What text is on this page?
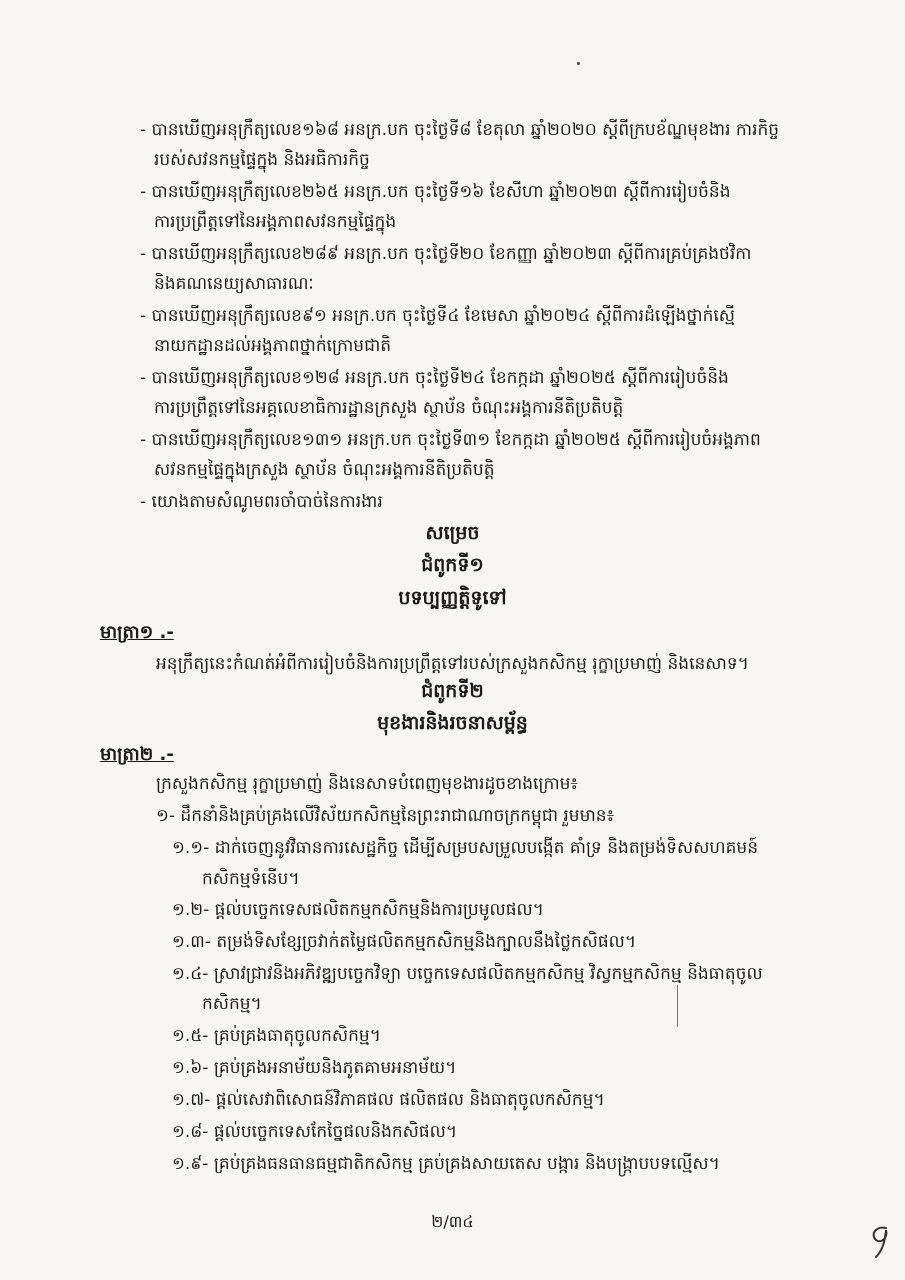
- បានឃើញអនុក្រឹត្យលេខ១៦៨ អនក្រ.បក ចុះថ្ងៃទី៨ ខែតុលា ឆ្នាំ២០២០ ស្តីពីក្របខ័ណ្ឌមុខងារ ការកិច្ច
របស់សវនកម្មផ្ទៃក្នុង និងអធិការកិច្ច
- បានឃើញអនុក្រឹត្យលេខ២៦៥ អនក្រ.បក ចុះថ្ងៃទី១៦ ខែសីហា ឆ្នាំ២០២៣ ស្តីពីការរៀបចំនិង
ការប្រព្រឹត្តទៅនៃអង្គភាពសវនកម្មផ្ទៃក្នុង
- បានឃើញអនុក្រឹត្យលេខ២៨៩ អនក្រ.បក ចុះថ្ងៃទី២០ ខែកញ្ញា ឆ្នាំ២០២៣ ស្តីពីការគ្រប់គ្រងថវិកា
និងគណនេយ្យសាធារណៈ
- បានឃើញអនុក្រឹត្យលេខ៩១ អនក្រ.បក ចុះថ្ងៃទី៤ ខែមេសា ឆ្នាំ២០២៤ ស្តីពីការដំឡើងថ្នាក់ស្មើ
នាយកដ្ឋានដល់អង្គភាពថ្នាក់ក្រោមជាតិ
- បានឃើញអនុក្រឹត្យលេខ១២៨ អនក្រ.បក ចុះថ្ងៃទី២៤ ខែកក្កដា ឆ្នាំ២០២៥ ស្តីពីការរៀបចំនិង
ការប្រព្រឹត្តទៅនៃអគ្គលេខាធិការដ្ឋានក្រសួង ស្ថាប័ន ចំណុះអង្គការនីតិប្រតិបត្តិ
- បានឃើញអនុក្រឹត្យលេខ១៣១ អនក្រ.បក ចុះថ្ងៃទី៣១ ខែកក្កដា ឆ្នាំ២០២៥ ស្តីពីការរៀបចំអង្គភាព
សវនកម្មផ្ទៃក្នុងក្រសួង ស្ថាប័ន ចំណុះអង្គការនីតិប្រតិបត្តិ
- យោងតាមសំណូមពរចាំបាច់នៃការងារ
សម្រេច
ជំពូកទី១
បទប្បញ្ញត្តិទូទៅ
មាត្រា១ .-
អនុក្រឹត្យនេះកំណត់អំពីការរៀបចំនិងការប្រព្រឹត្តទៅរបស់ក្រសួងកសិកម្ម រុក្ខាប្រមាញ់ និងនេសាទ។
ជំពូកទី២
មុខងារនិងរចនាសម្ព័ន្ធ
មាត្រា២ .-
ក្រសួងកសិកម្ម រុក្ខាប្រមាញ់ និងនេសាទបំពេញមុខងារដូចខាងក្រោម៖
១- ដឹកនាំនិងគ្រប់គ្រងលើវិស័យកសិកម្មនៃព្រះរាជាណាចក្រកម្ពុជា រួមមាន៖
១.១- ដាក់ចេញនូវវិធានការសេដ្ឋកិច្ច ដើម្បីសម្របសម្រួលបង្កើត គាំទ្រ និងតម្រង់ទិសសហគមន៍
កសិកម្មទំនើប។
១.២- ផ្តល់បច្ចេកទេសផលិតកម្មកសិកម្មនិងការប្រមូលផល។
១.៣- តម្រង់ទិសខ្សែច្រវាក់តម្លៃផលិតកម្មកសិកម្មនិងក្បាលនឹងថ្លៃកសិផល។
១.៤- ស្រាវជ្រាវនិងអភិវឌ្ឍបច្ចេកវិទ្យា បច្ចេកទេសផលិតកម្មកសិកម្ម វិស្វកម្មកសិកម្ម និងធាតុចូល
កសិកម្ម។
១.៥- គ្រប់គ្រងធាតុចូលកសិកម្ម។
១.៦- គ្រប់គ្រងអនាម័យនិងភូតគាមអនាម័យ។
១.៧- ផ្តល់សេវាពិសោធន៍វិភាគផល ផលិតផល និងធាតុចូលកសិកម្ម។
១.៨- ផ្តល់បច្ចេកទេសកែច្នៃផលនិងកសិផល។
១.៩- គ្រប់គ្រងធនធានធម្មជាតិកសិកម្ម គ្រប់គ្រងសាយតេស បង្ការ និងបង្ក្រាបបទល្មើស។
២/៣៤
